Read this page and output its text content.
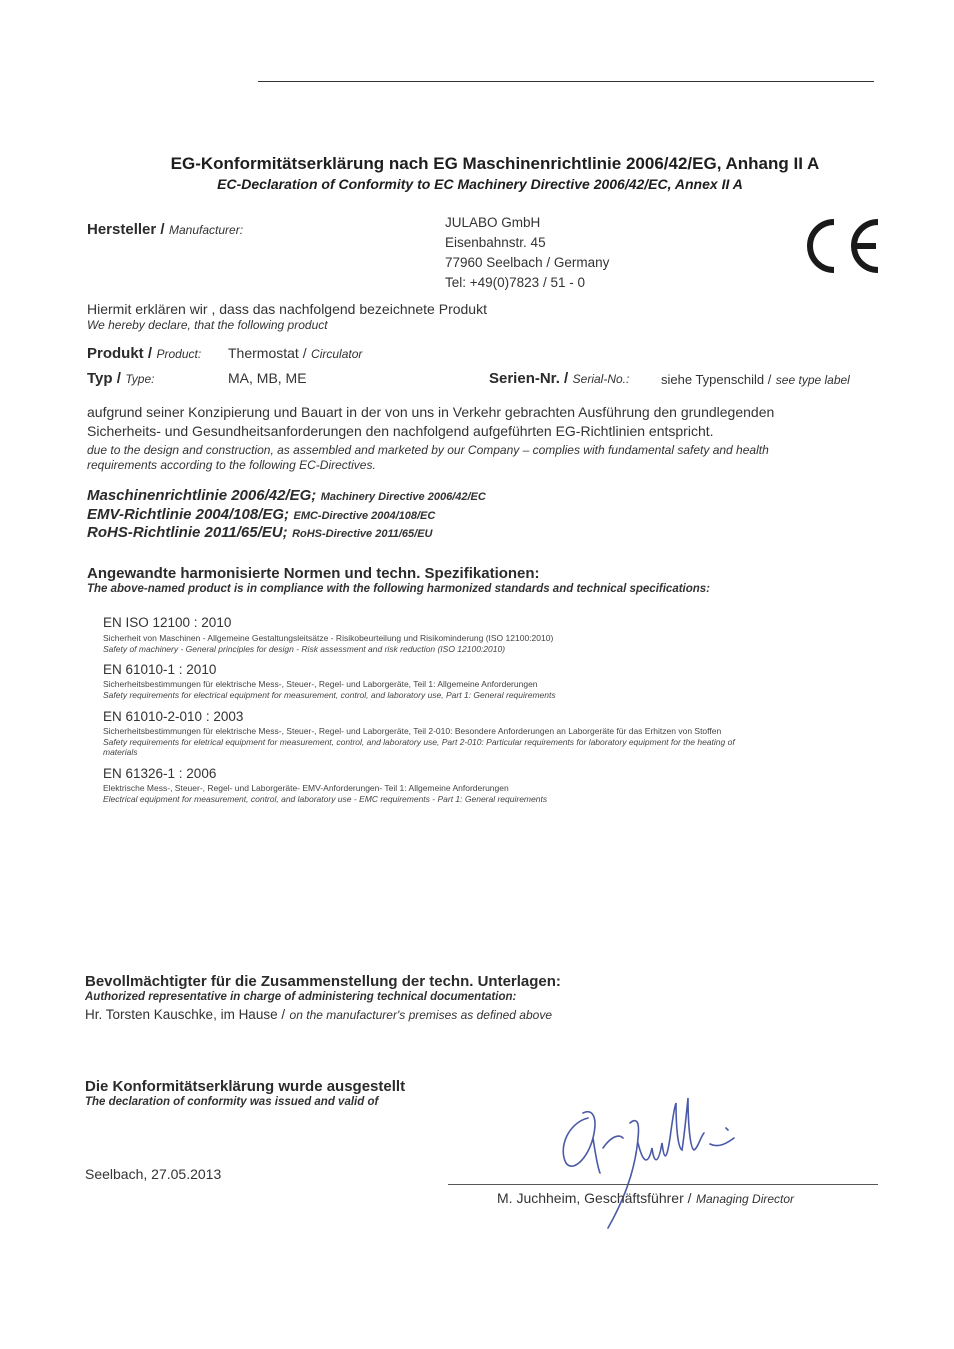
EG-Konformitätserklärung nach EG Maschinenrichtlinie 2006/42/EG, Anhang II A
EC-Declaration of Conformity to EC Machinery Directive 2006/42/EC, Annex II A
Hersteller / Manufacturer:	JULABO GmbH
Eisenbahnstr. 45
77960 Seelbach / Germany
Tel: +49(0)7823 / 51 - 0
Hiermit erklären wir , dass das nachfolgend bezeichnete Produkt
We hereby declare, that the following product
Produkt / Product: Thermostat / Circulator
Typ / Type:	MA, MB, ME	Serien-Nr. / Serial-No.: siehe Typenschild / see type label
aufgrund seiner Konzipierung und Bauart in der von uns in Verkehr gebrachten Ausführung den grundlegenden
Sicherheits- und Gesundheitsanforderungen den nachfolgend aufgeführten EG-Richtlinien entspricht.
due to the design and construction, as assembled and marketed by our Company – complies with fundamental safety and health
requirements according to the following EC-Directives.
Maschinenrichtlinie 2006/42/EG; Machinery Directive 2006/42/EC
EMV-Richtlinie 2004/108/EG; EMC-Directive 2004/108/EC
RoHS-Richtlinie 2011/65/EU; RoHS-Directive 2011/65/EU
Angewandte harmonisierte Normen und techn. Spezifikationen:
The above-named product is in compliance with the following harmonized standards and technical specifications:
EN ISO 12100 : 2010
Sicherheit von Maschinen - Allgemeine Gestaltungsleitsätze - Risikobeurteilung und Risikominderung (ISO 12100:2010)
Safety of machinery - General principles for design - Risk assessment and risk reduction (ISO 12100:2010)
EN 61010-1 : 2010
Sicherheitsbestimmungen für elektrische Mess-, Steuer-, Regel- und Laborgeräte, Teil 1: Allgemeine Anforderungen
Safety requirements for electrical equipment for measurement, control, and laboratory use, Part 1: General requirements
EN 61010-2-010 : 2003
Sicherheitsbestimmungen für elektrische Mess-, Steuer-, Regel- und Laborgeräte, Teil 2-010: Besondere Anforderungen an Laborgeräte für das Erhitzen von Stoffen
Safety requirements for eletrical equipment for measurement, control, and laboratory use, Part 2-010: Particular requirements for laboratory equipment for the heating of
materials
EN 61326-1 : 2006
Elektrische Mess-, Steuer-, Regel- und Laborgeräte- EMV-Anforderungen- Teil 1: Allgemeine Anforderungen
Electrical equipment for measurement, control, and laboratory use - EMC requirements - Part 1: General requirements
Bevollmächtigter für die Zusammenstellung der techn. Unterlagen:
Authorized representative in charge of administering technical documentation:
Hr. Torsten Kauschke, im Hause / on the manufacturer's premises as defined above
Die Konformitätserklärung wurde ausgestellt
The declaration of conformity was issued and valid of
Seelbach, 27.05.2013
M. Juchheim, Geschäftsführer / Managing Director
